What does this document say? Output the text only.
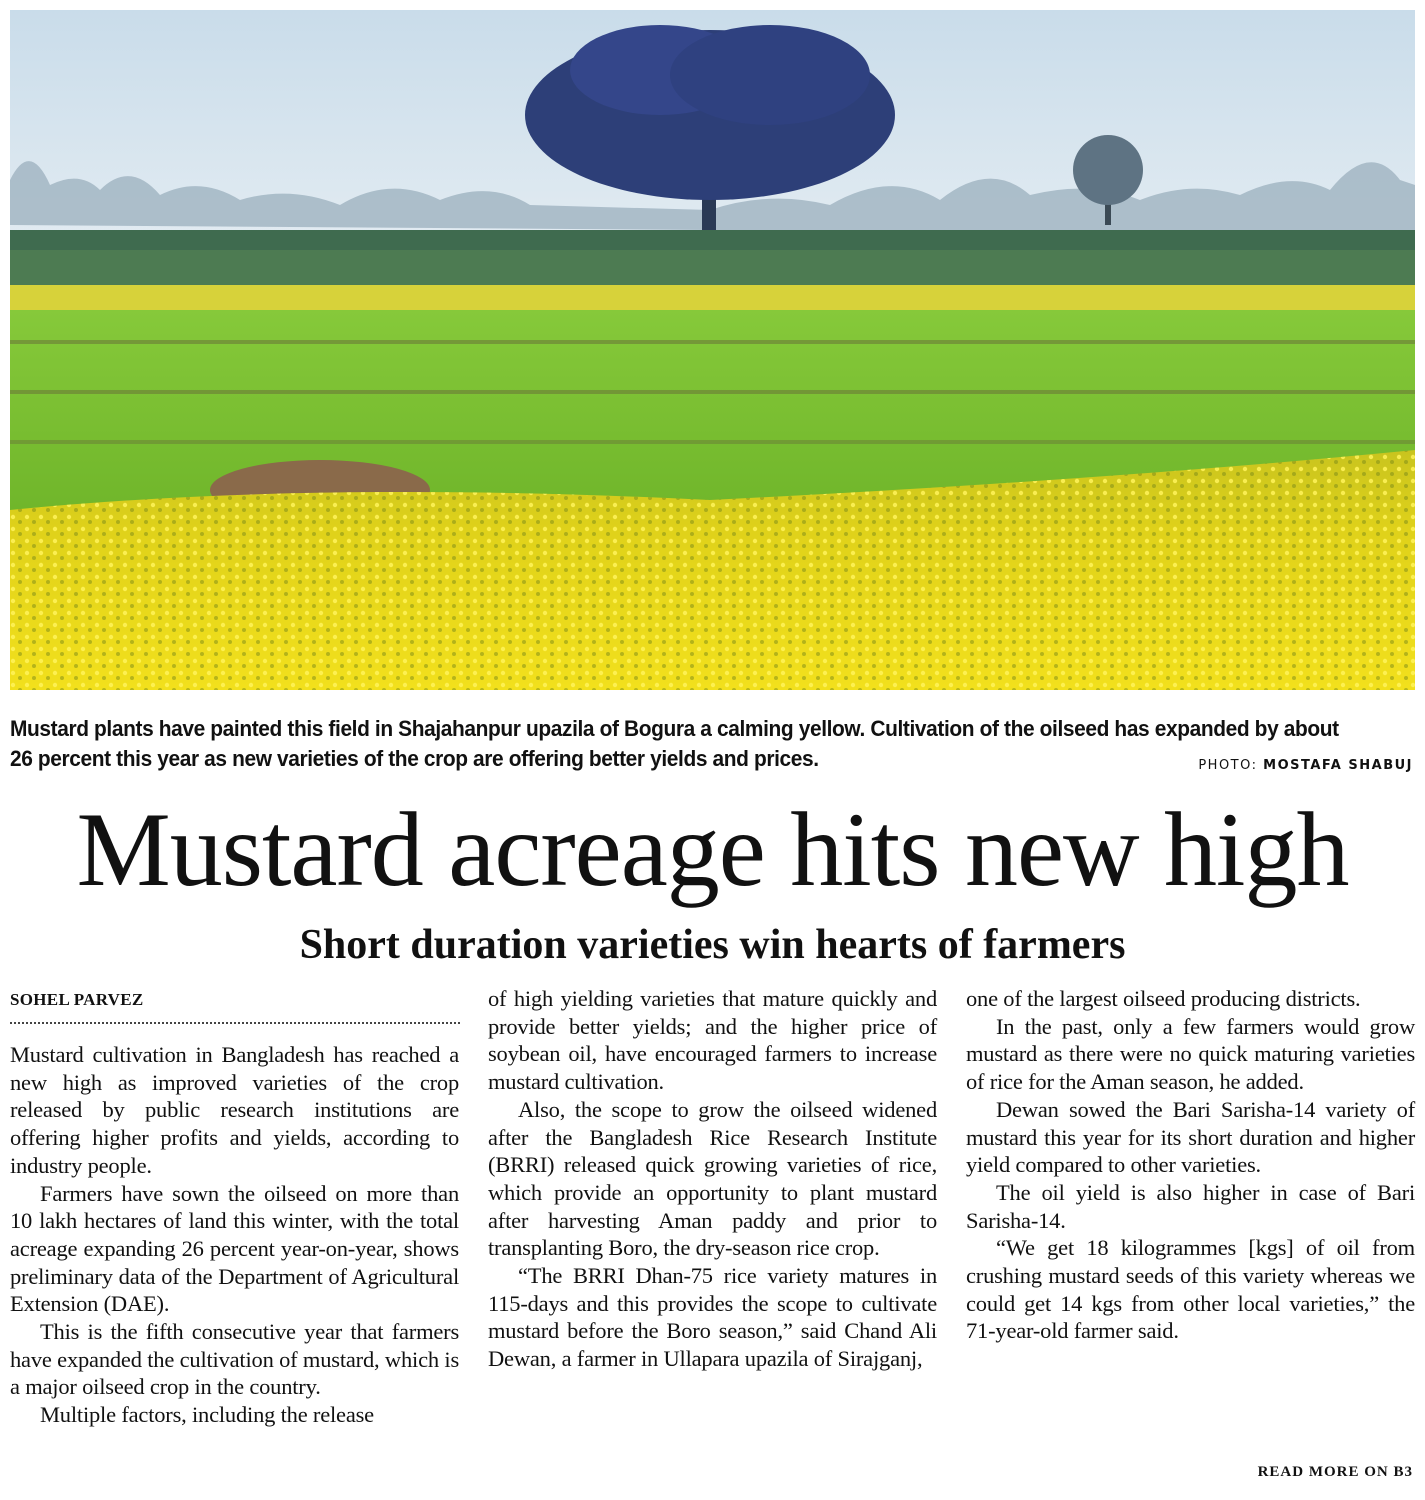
Mustard plants have painted this field in Shajahanpur upazila of Bogura a calming yellow. Cultivation of the oilseed has expanded by about 26 percent this year as new varieties of the crop are offering better yields and prices.	PHOTO: MOSTAFA SHABUJ
Mustard acreage hits new high
Short duration varieties win hearts of farmers
SOHEL PARVEZ

Mustard cultivation in Bangladesh has reached a new high as improved varieties of the crop released by public research institutions are offering higher profits and yields, according to industry people.

Farmers have sown the oilseed on more than 10 lakh hectares of land this winter, with the total acreage expanding 26 percent year-on-year, shows preliminary data of the Department of Agricultural Extension (DAE).

This is the fifth consecutive year that farmers have expanded the cultivation of mustard, which is a major oilseed crop in the country.

Multiple factors, including the release

of high yielding varieties that mature quickly and provide better yields; and the higher price of soybean oil, have encouraged farmers to increase mustard cultivation.

Also, the scope to grow the oilseed widened after the Bangladesh Rice Research Institute (BRRI) released quick growing varieties of rice, which provide an opportunity to plant mustard after harvesting Aman paddy and prior to transplanting Boro, the dry-season rice crop.

“The BRRI Dhan-75 rice variety matures in 115-days and this provides the scope to cultivate mustard before the Boro season,” said Chand Ali Dewan, a farmer in Ullapara upazila of Sirajganj,

one of the largest oilseed producing districts.

In the past, only a few farmers would grow mustard as there were no quick maturing varieties of rice for the Aman season, he added.

Dewan sowed the Bari Sarisha-14 variety of mustard this year for its short duration and higher yield compared to other varieties.

The oil yield is also higher in case of Bari Sarisha-14.

“We get 18 kilogrammes [kgs] of oil from crushing mustard seeds of this variety whereas we could get 14 kgs from other local varieties,” the 71-year-old farmer said.

READ MORE ON B3
